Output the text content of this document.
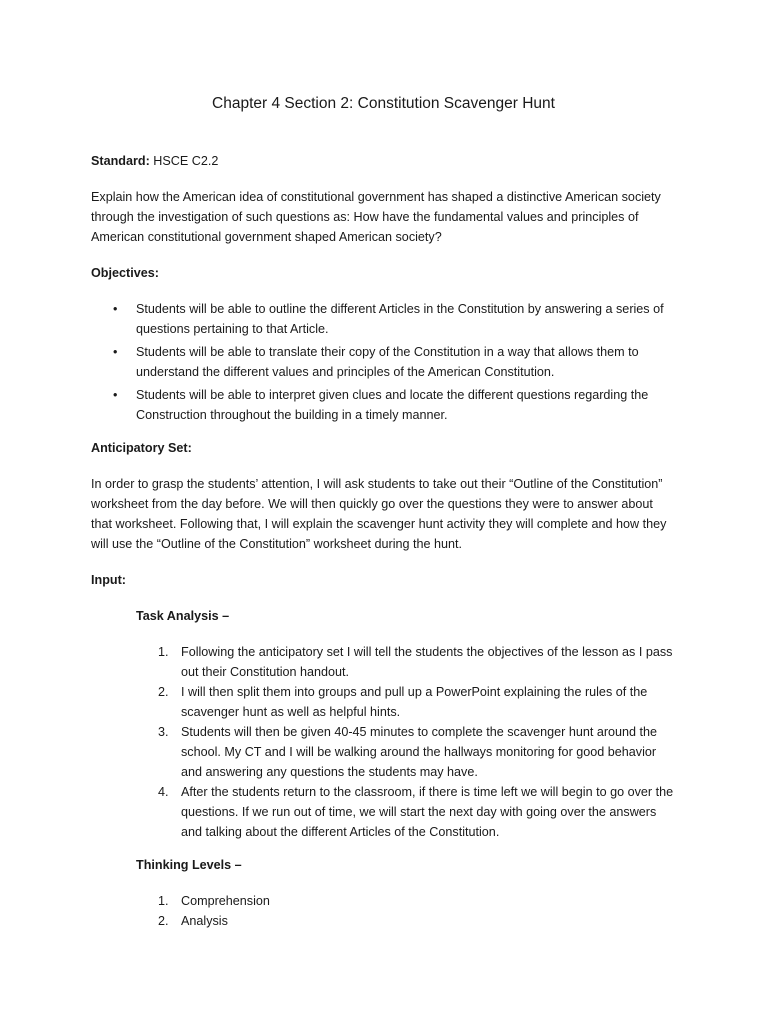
Chapter 4 Section 2: Constitution Scavenger Hunt
Standard: HSCE C2.2

Explain how the American idea of constitutional government has shaped a distinctive American society through the investigation of such questions as: How have the fundamental values and principles of American constitutional government shaped American society?

Objectives:
• Students will be able to outline the different Articles in the Constitution by answering a series of questions pertaining to that Article.
• Students will be able to translate their copy of the Constitution in a way that allows them to understand the different values and principles of the American Constitution.
• Students will be able to interpret given clues and locate the different questions regarding the Construction throughout the building in a timely manner.
Anticipatory Set:

In order to grasp the students’ attention, I will ask students to take out their “Outline of the Constitution” worksheet from the day before. We will then quickly go over the questions they were to answer about that worksheet. Following that, I will explain the scavenger hunt activity they will complete and how they will use the “Outline of the Constitution” worksheet during the hunt.

Input:
Task Analysis –
1. Following the anticipatory set I will tell the students the objectives of the lesson as I pass out their Constitution handout.
2. I will then split them into groups and pull up a PowerPoint explaining the rules of the scavenger hunt as well as helpful hints.
3. Students will then be given 40-45 minutes to complete the scavenger hunt around the school. My CT and I will be walking around the hallways monitoring for good behavior and answering any questions the students may have.
4. After the students return to the classroom, if there is time left we will begin to go over the questions. If we run out of time, we will start the next day with going over the answers and talking about the different Articles of the Constitution.
Thinking Levels –
1. Comprehension
2. Analysis
